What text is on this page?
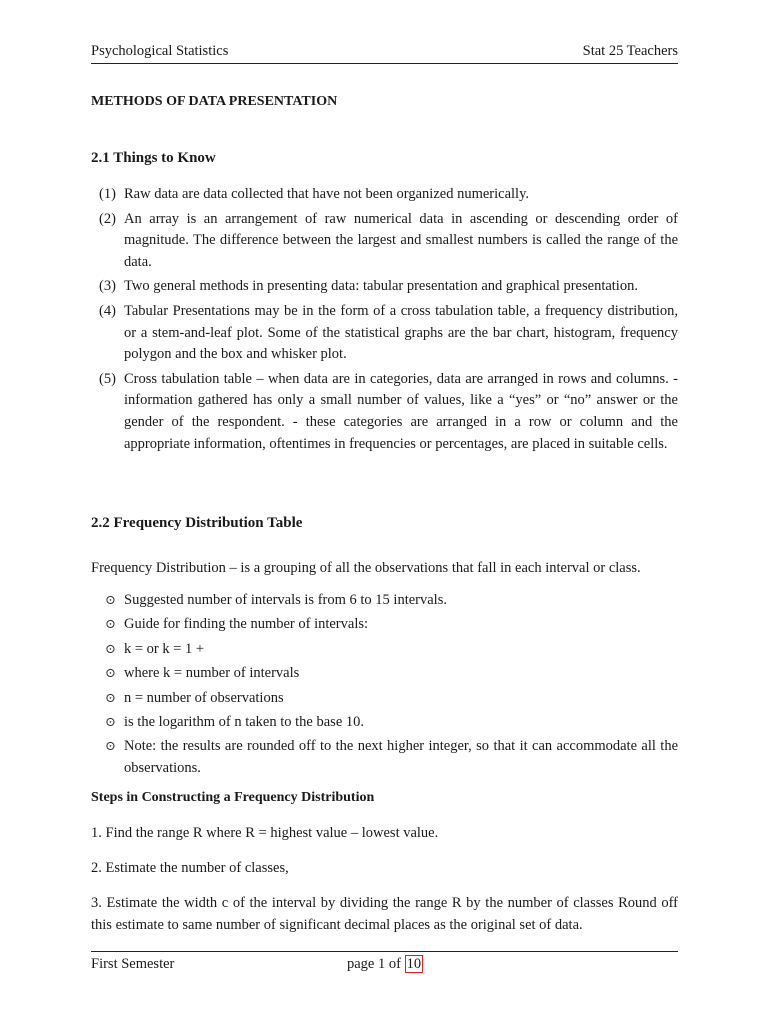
Psychological Statistics	Stat 25 Teachers
METHODS OF DATA PRESENTATION
2.1 Things to Know
(1) Raw data are data collected that have not been organized numerically.
(2) An array is an arrangement of raw numerical data in ascending or descending order of magnitude. The difference between the largest and smallest numbers is called the range of the data.
(3) Two general methods in presenting data: tabular presentation and graphical presentation.
(4) Tabular Presentations may be in the form of a cross tabulation table, a frequency distribution, or a stem-and-leaf plot. Some of the statistical graphs are the bar chart, histogram, frequency polygon and the box and whisker plot.
(5) Cross tabulation table – when data are in categories, data are arranged in rows and columns. - information gathered has only a small number of values, like a “yes” or “no” answer or the gender of the respondent. - these categories are arranged in a row or column and the appropriate information, oftentimes in frequencies or percentages, are placed in suitable cells.
2.2 Frequency Distribution Table
Frequency Distribution – is a grouping of all the observations that fall in each interval or class.
⊙ Suggested number of intervals is from 6 to 15 intervals.
⊙ Guide for finding the number of intervals:
⊙ k = or k = 1 +
⊙ where k = number of intervals
⊙ n = number of observations
⊙ is the logarithm of n taken to the base 10.
⊙ Note: the results are rounded off to the next higher integer, so that it can accommodate all the observations.
Steps in Constructing a Frequency Distribution
1. Find the range R where R = highest value – lowest value.
2. Estimate the number of classes,
3. Estimate the width c of the interval by dividing the range R by the number of classes Round off this estimate to same number of significant decimal places as the original set of data.
First Semester	page 1 of 10
